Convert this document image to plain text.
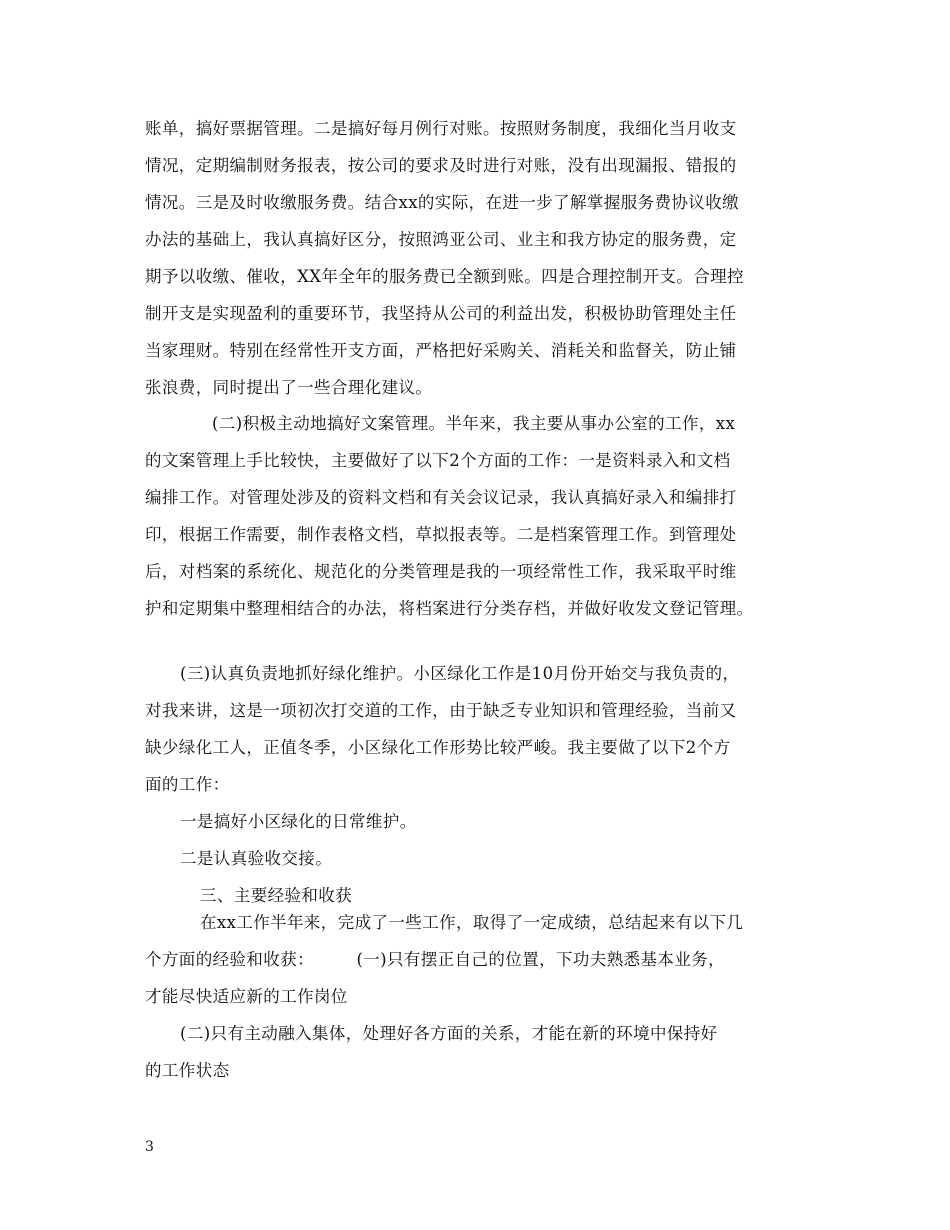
账单，搞好票据管理。二是搞好每月例行对账。按照财务制度，我细化当月收支

情况，定期编制财务报表，按公司的要求及时进行对账，没有出现漏报、错报的

情况。三是及时收缴服务费。结合xx的实际，在进一步了解掌握服务费协议收缴

办法的基础上，我认真搞好区分，按照鸿亚公司、业主和我方协定的服务费，定

期予以收缴、催收，XX年全年的服务费已全额到账。四是合理控制开支。合理控

制开支是实现盈利的重要环节，我坚持从公司的利益出发，积极协助管理处主任

当家理财。特别在经常性开支方面，严格把好采购关、消耗关和监督关，防止铺

张浪费，同时提出了一些合理化建议。

(二)积极主动地搞好文案管理。半年来，我主要从事办公室的工作，xx

的文案管理上手比较快，主要做好了以下2个方面的工作：一是资料录入和文档

编排工作。对管理处涉及的资料文档和有关会议记录，我认真搞好录入和编排打

印，根据工作需要，制作表格文档，草拟报表等。二是档案管理工作。到管理处

后，对档案的系统化、规范化的分类管理是我的一项经常性工作，我采取平时维

护和定期集中整理相结合的办法，将档案进行分类存档，并做好收发文登记管理。

(三)认真负责地抓好绿化维护。小区绿化工作是10月份开始交与我负责的，

对我来讲，这是一项初次打交道的工作，由于缺乏专业知识和管理经验，当前又

缺少绿化工人，正值冬季，小区绿化工作形势比较严峻。我主要做了以下2个方

面的工作：

一是搞好小区绿化的日常维护。

二是认真验收交接。

三、主要经验和收获

在xx工作半年来，完成了一些工作，取得了一定成绩，总结起来有以下几

个方面的经验和收获：　　　(一)只有摆正自己的位置，下功夫熟悉基本业务，

才能尽快适应新的工作岗位

(二)只有主动融入集体，处理好各方面的关系，才能在新的环境中保持好

的工作状态

3
